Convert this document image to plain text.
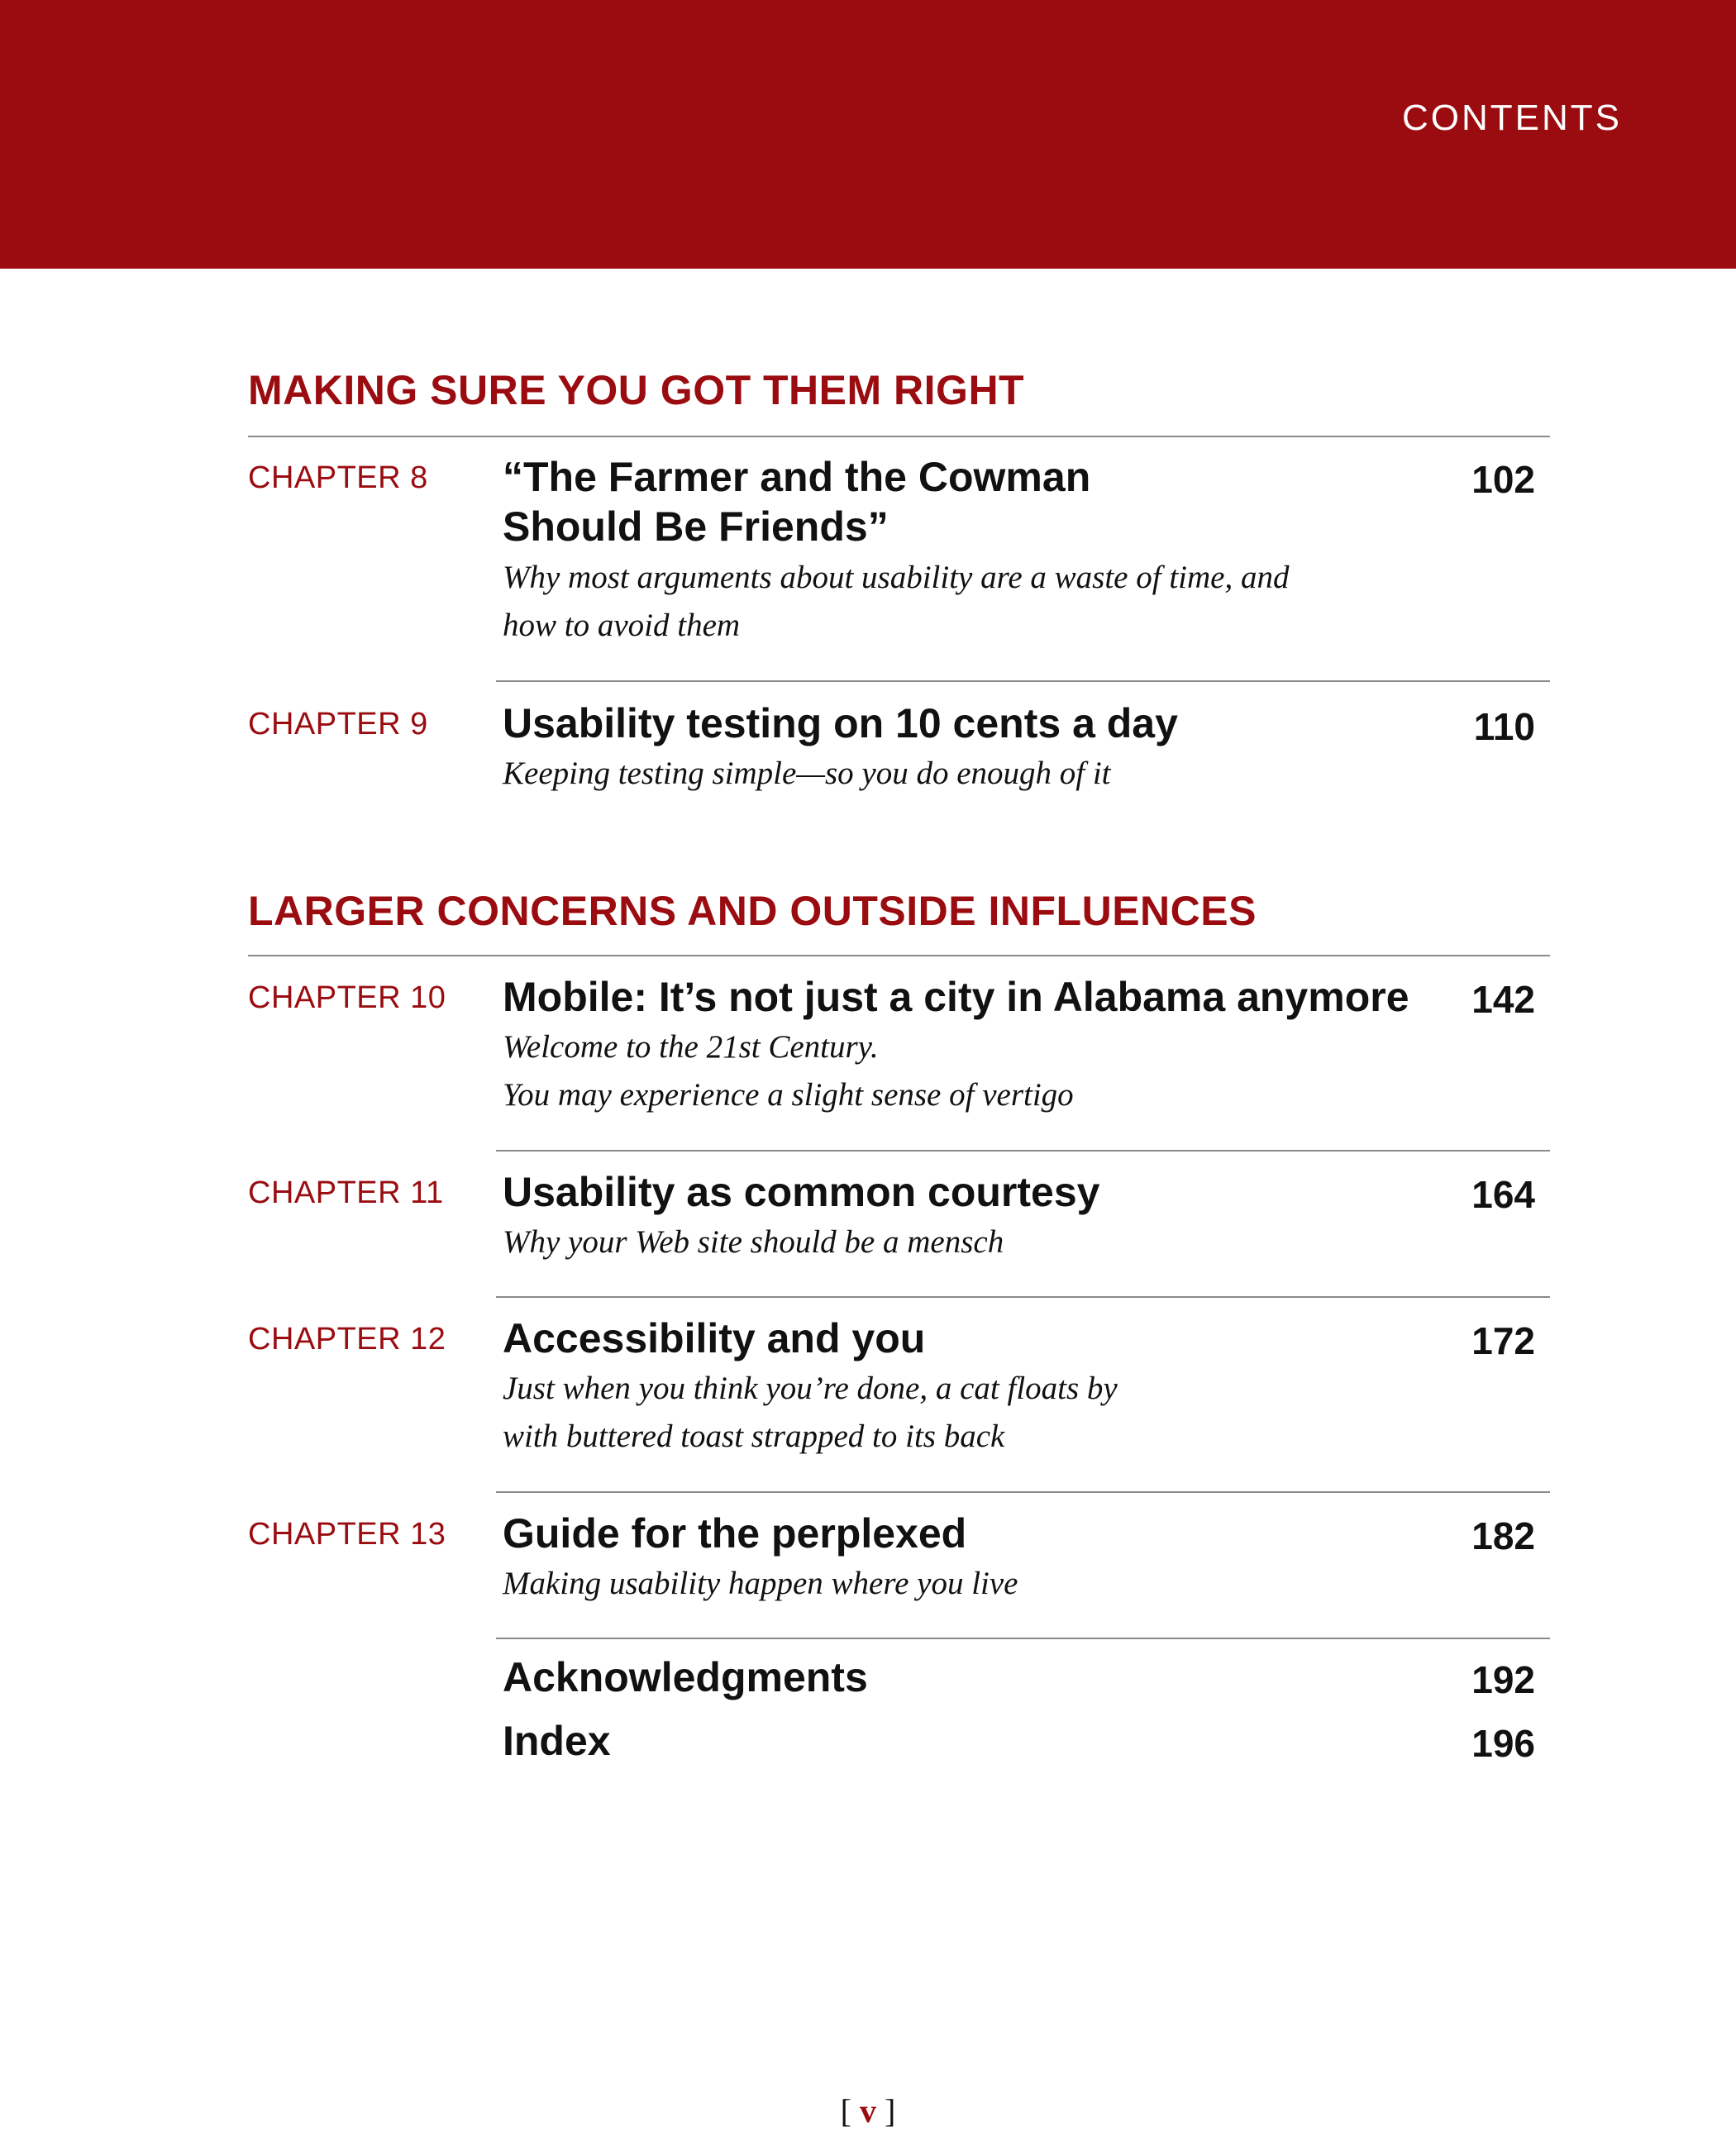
CONTENTS
MAKING SURE YOU GOT THEM RIGHT
CHAPTER 8 “The Farmer and the Cowman
Should Be Friends”
Why most arguments about usability are a waste of time, and
how to avoid them
102
CHAPTER 9 Usability testing on 10 cents a day
Keeping testing simple—so you do enough of it
110
LARGER CONCERNS AND OUTSIDE INFLUENCES
CHAPTER 10 Mobile: It’s not just a city in Alabama anymore
Welcome to the 21st Century.
You may experience a slight sense of vertigo
142
CHAPTER 11 Usability as common courtesy
Why your Web site should be a mensch
164
CHAPTER 12 Accessibility and you
Just when you think you’re done, a cat floats by
with buttered toast strapped to its back
172
CHAPTER 13 Guide for the perplexed
Making usability happen where you live
182
Acknowledgments	192
Index	196
[ v ]
